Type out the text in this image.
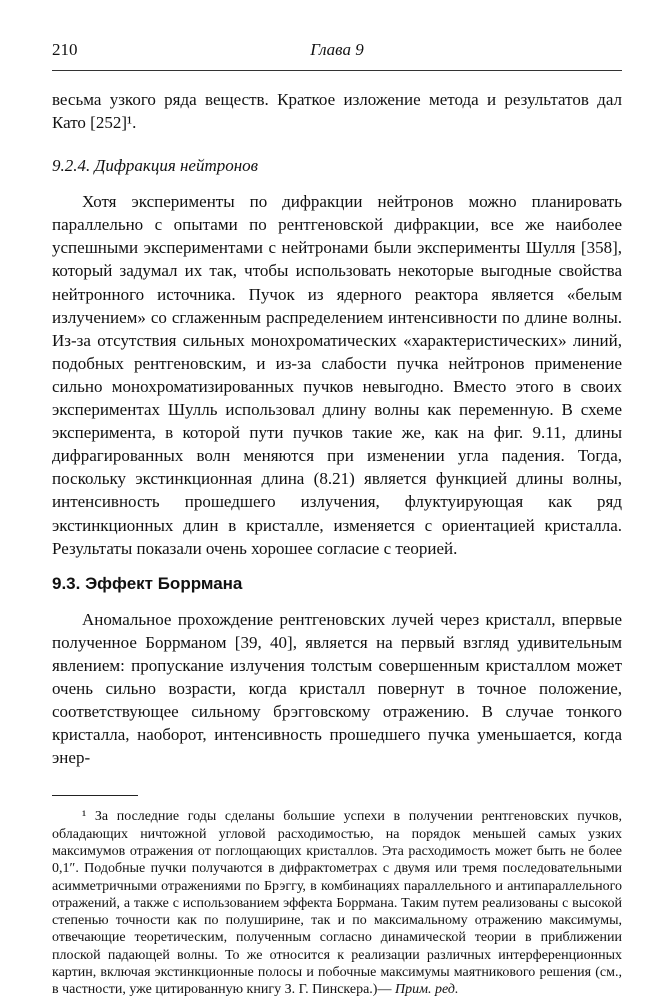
210	Глава 9

весьма узкого ряда веществ. Краткое изложение метода и результатов дал Като [252]¹.

9.2.4. Дифракция нейтронов

Хотя эксперименты по дифракции нейтронов можно планировать параллельно с опытами по рентгеновской дифракции, все же наиболее успешными экспериментами с нейтронами были эксперименты Шулля [358], который задумал их так, чтобы использовать некоторые выгодные свойства нейтронного источника. Пучок из ядерного реактора является «белым излучением» со сглаженным распределением интенсивности по длине волны. Из-за отсутствия сильных монохроматических «характеристических» линий, подобных рентгеновским, и из-за слабости пучка нейтронов применение сильно монохроматизированных пучков невыгодно. Вместо этого в своих экспериментах Шулль использовал длину волны как переменную. В схеме эксперимента, в которой пути пучков такие же, как на фиг. 9.11, длины дифрагированных волн меняются при изменении угла падения. Тогда, поскольку экстинкционная длина (8.21) является функцией длины волны, интенсивность прошедшего излучения, флуктуирующая как ряд экстинкционных длин в кристалле, изменяется с ориентацией кристалла. Результаты показали очень хорошее согласие с теорией.

9.3. Эффект Боррмана

Аномальное прохождение рентгеновских лучей через кристалл, впервые полученное Боррманом [39, 40], является на первый взгляд удивительным явлением: пропускание излучения толстым совершенным кристаллом может очень сильно возрасти, когда кристалл повернут в точное положение, соответствующее сильному брэгговскому отражению. В случае тонкого кристалла, наоборот, интенсивность прошедшего пучка уменьшается, когда энер-

¹ За последние годы сделаны большие успехи в получении рентгеновских пучков, обладающих ничтожной угловой расходимостью, на порядок меньшей самых узких максимумов отражения от поглощающих кристаллов. Эта расходимость может быть не более 0,1″. Подобные пучки получаются в дифрактометрах с двумя или тремя последовательными асимметричными отражениями по Брэггу, в комбинациях параллельного и антипараллельного отражений, а также с использованием эффекта Боррмана. Таким путем реализованы с высокой степенью точности как по полуширине, так и по максимальному отражению максимумы, отвечающие теоретическим, полученным согласно динамической теории в приближении плоской падающей волны. То же относится к реализации различных интерференционных картин, включая экстинкционные полосы и побочные максимумы маятникового решения (см., в частности, уже цитированную книгу З. Г. Пинскера.)— Прим. ред.
